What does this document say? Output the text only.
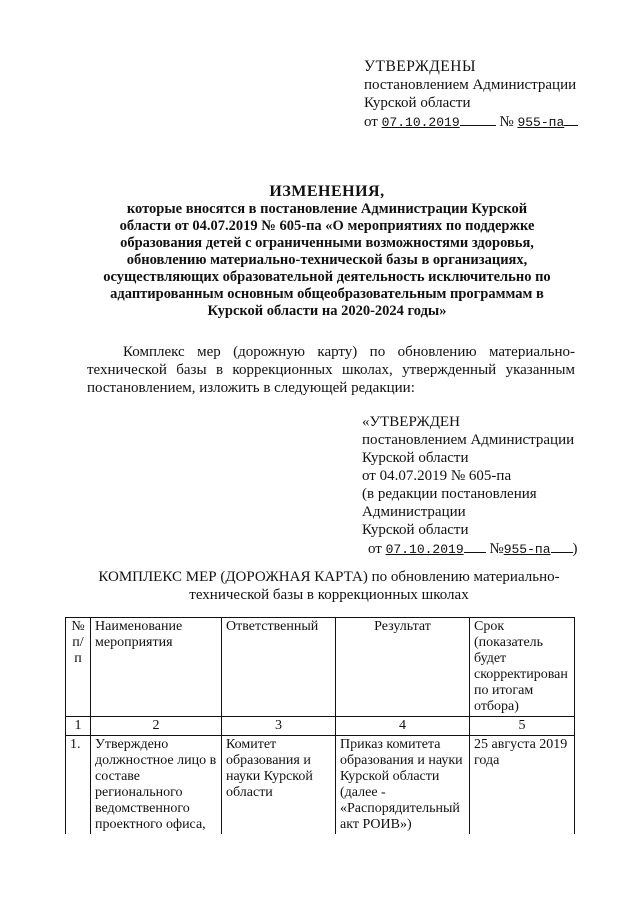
УТВЕРЖДЕНЫ
постановлением Администрации
Курской области
от 07.10.2019	№ 955-па
ИЗМЕНЕНИЯ,
которые вносятся в постановление Администрации Курской
области от 04.07.2019 № 605-па «О мероприятиях по поддержке
образования детей с ограниченными возможностями здоровья,
обновлению материально-технической базы в организациях,
осуществляющих образовательной деятельность исключительно по
адаптированным основным общеобразовательным программам в
Курской области на 2020-2024 годы»
Комплекс мер (дорожную карту) по обновлению материально-технической базы в коррекционных школах, утвержденный указанным постановлением, изложить в следующей редакции:
«УТВЕРЖДЕН
постановлением Администрации
Курской области
от 04.07.2019 № 605-па
(в редакции постановления
Администрации
Курской области
от 07.10.2019 №955-па )
КОМПЛЕКС МЕР (ДОРОЖНАЯ КАРТА) по обновлению материально-
технической базы в коррекционных школах
№ п/п	Наименование мероприятия	Ответственный	Результат	Срок (показатель будет скорректирован по итогам отбора)
1	2	3	4	5
1.	Утверждено должностное лицо в составе регионального ведомственного проектного офиса,	Комитет образования и науки Курской области	Приказ комитета образования и науки Курской области (далее - «Распорядительный акт РОИВ»)	25 августа 2019 года
